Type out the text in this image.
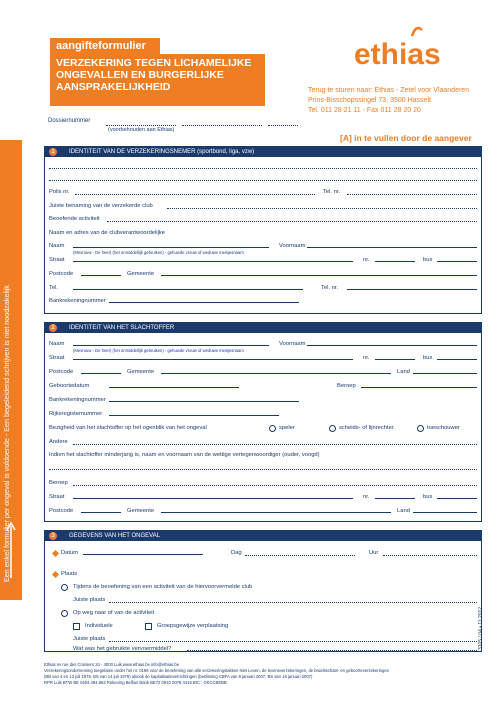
Een enkel formulier per ongeval is voldoende - Een begeleidend schrijven is niet noodzakelijk
aangifteformulier
VERZEKERING TEGEN LICHAMELIJKE ONGEVALLEN EN BURGERLIJKE AANSPRAKELIJKHEID
ethias
Terug te sturen naar: Ethias - Zetel voor Vlaanderen
Prins-Bisschopssingel 73, 3500 Hasselt
Tel. 011 28 21 11 - Fax 011 28 20 20
[A] in te vullen door de aangever
Dossiernummer
(voorbehouden aan Ethias)
1	IDENTITEIT VAN DE VERZEKERINGSNEMER (sportbond, liga, vzw)
Polis nr.	Tel. nr.
Juiste benaming van de verzekerde club
Beoefende activiteit
Naam en adres van de clubverantwoordelijke
Naam	Voornaam
(Mevrouw - De heer) (het onmiddellijk gebruiken) - gehuwde vrouw of weduwe meisjesnaam
Straat	nr.	bus
Postcode	Gemeente
Tel.	Tel. nr.
Bankrekeningnummer
2	IDENTITEIT VAN HET SLACHTOFFER
Naam	Voornaam
(Mevrouw - De heer) (het onmiddellijk gebruiken) - gehuwde vrouw of weduwe meisjesnaam
Straat	nr.	bus
Postcode	Gemeente	Land
Geboortedatum	Beroep
Bankrekeningnummer
Rijksregisternummer
Bezigheid van het slachtoffer op het ogenblik van het ongeval	speler	scheids- of lijnrechter	toeschouwer
Andere
Indien het slachtoffer minderjarig is, naam en voornaam van de wettige vertegenwoordiger (ouder, voogd)
Beroep
Straat	nr.	bus
Postcode	Gemeente	Land
3	GEGEVENS VAN HET ONGEVAL
Datum	Dag	Uur
Plaats
Tijdens de beoefening van een activiteit van de hiervoorvermelde club
Juiste plaats
Op weg naar of van de activiteit
Individuele	Groepsgewijze verplaatsing
Juiste plaats
Wat was het gebruikte vervoermiddel?
Ethias nv rue des Croisiers 24 - 4000 Luik www.ethias.be info@ethias.be
Verzekeringsonderneming toegelaten onder het nr. 0196 voor de beoefening van alle verzekeringstakken Niet Leven, de levensverzekeringen, de bruidsschats- en geboorteverzekeringen
(BB van 4 en 13 juli 1979, BS van 14 juli 1979) alsook de kapitalisatieverrichtingen (beslissing CBFA van 9 januari 2007, BS van 16 januari 2007)
RPR Luik BTW BE 0404.484.654 Rekening Belfius Bank BE72 0910 0078 4416 BIC : GKCCBEBB
3105 / 04 • 11.2012
